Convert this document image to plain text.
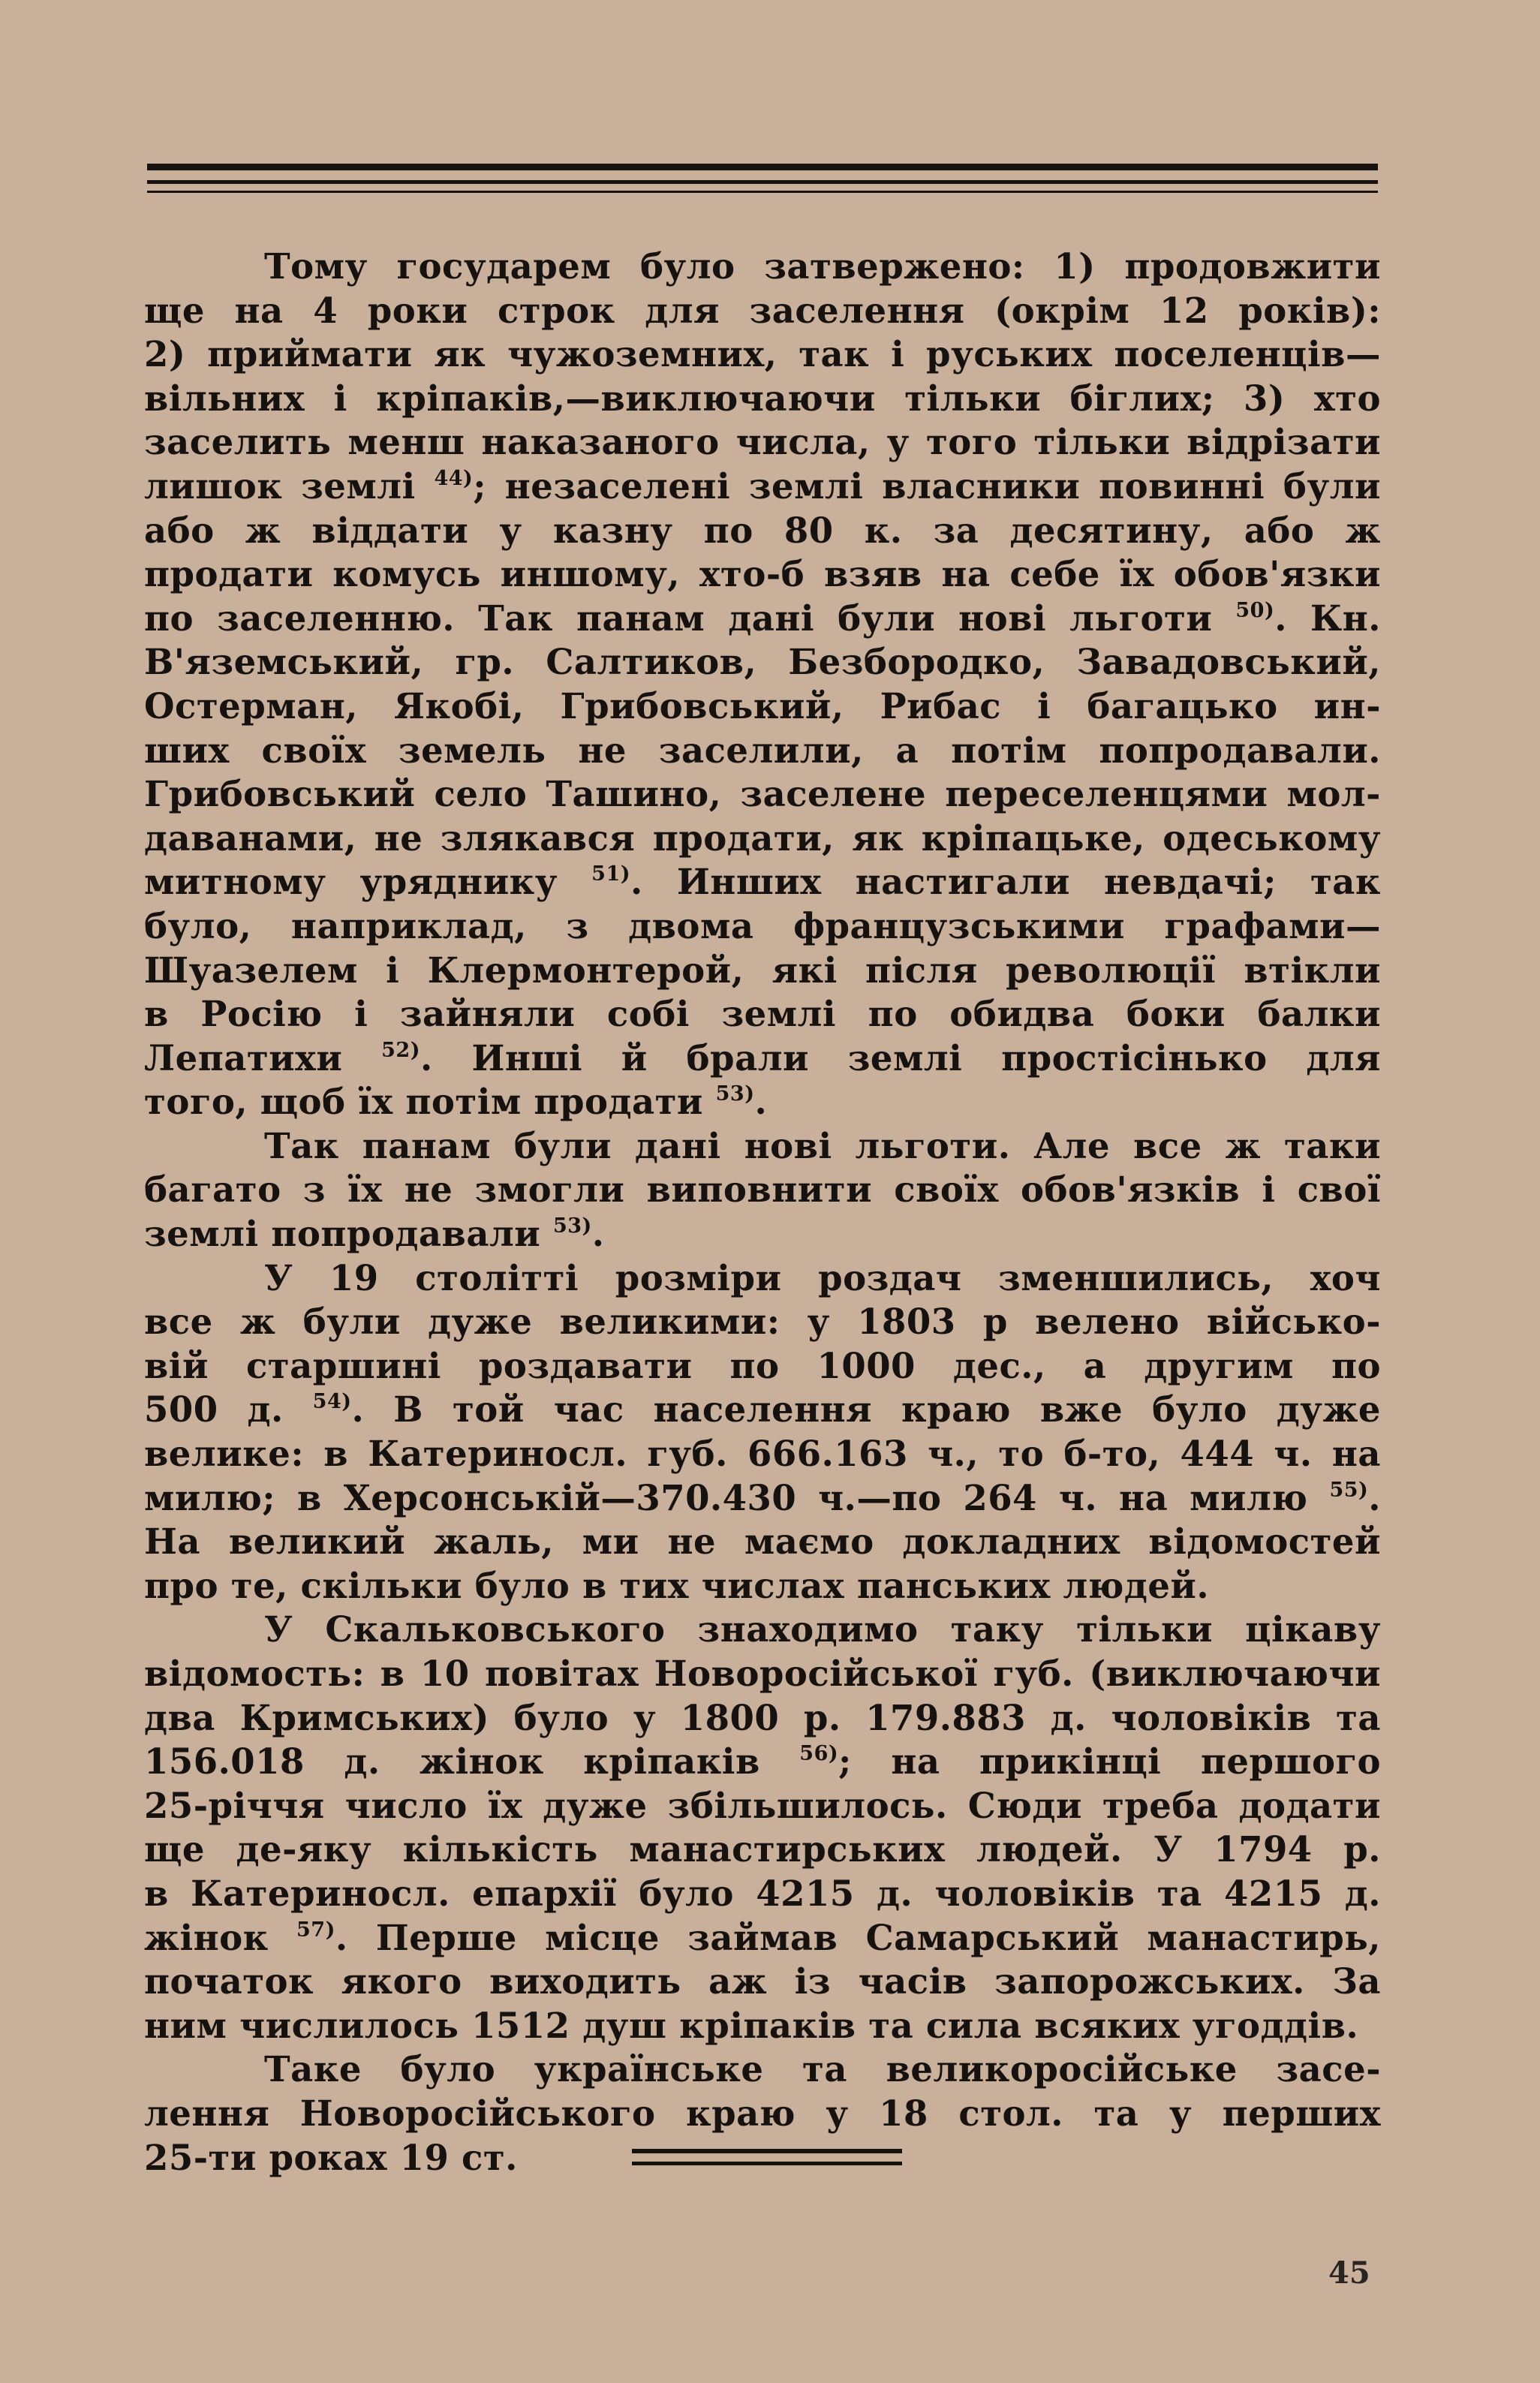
Тому государем було затвержено: 1) продовжити
ще на 4 роки строк для заселення (окрім 12 років):
2) приймати як чужоземних, так і руських поселенців—
вільних і кріпаків,—виключаючи тільки біглих; 3) хто
заселить менш наказаного числа, у того тільки відрізати
лишок землі $^{44)}$; незаселені землі власники повинні були
або ж віддати у казну по 80 к. за десятину, або ж
продати комусь иншому, хто-б взяв на себе їх обов'язки
по заселенню. Так панам дані були нові льготи $^{50)}$. Кн.
В'яземський, гр. Салтиков, Безбородко, Завадовський,
Остерман, Якобі, Грибовський, Рибас і багацько ин-
ших своїх земель не заселили, а потім попродавали.
Грибовський село Ташино, заселене переселенцями мол-
даванами, не злякався продати, як кріпацьке, одеському
митному уряднику $^{51)}$. Инших настигали невдачі; так
було, наприклад, з двома французськими графами—
Шуазелем і Клермонтерой, які після революції втікли
в Росію і зайняли собі землі по обидва боки балки
Лепатихи $^{52)}$. Инші й брали землі простісінько для
того, щоб їх потім продати $^{53)}$.
Так панам були дані нові льготи. Але все ж таки
багато з їх не змогли виповнити своїх обов'язків і свої
землі попродавали $^{53)}$.
У 19 столітті розміри роздач зменшились, хоч
все ж були дуже великими: у 1803 р велено військо-
вій старшині роздавати по 1000 дес., а другим по
500 д. $^{54)}$. В той час населення краю вже було дуже
велике: в Катериносл. губ. 666.163 ч., то б-то, 444 ч. на
милю; в Херсонській—370.430 ч.—по 264 ч. на милю $^{55)}$.
На великий жаль, ми не маємо докладних відомостей
про те, скільки було в тих числах панських людей.
У Скальковського знаходимо таку тільки цікаву
відомость: в 10 повітах Новоросійської губ. (виключаючи
два Кримських) було у 1800 р. 179.883 д. чоловіків та
156.018 д. жінок кріпаків $^{56)}$; на прикінці першого
25-річчя число їх дуже збільшилось. Сюди треба додати
ще де-яку кількість манастирських людей. У 1794 р.
в Катериносл. епархії було 4215 д. чоловіків та 4215 д.
жінок $^{57)}$. Перше місце займав Самарський манастирь,
початок якого виходить аж із часів запорожських. За
ним числилось 1512 душ кріпаків та сила всяких угоддів.
Таке було українське та великоросійське засе-
лення Новоросійського краю у 18 стол. та у перших
25-ти роках 19 ст.
45
